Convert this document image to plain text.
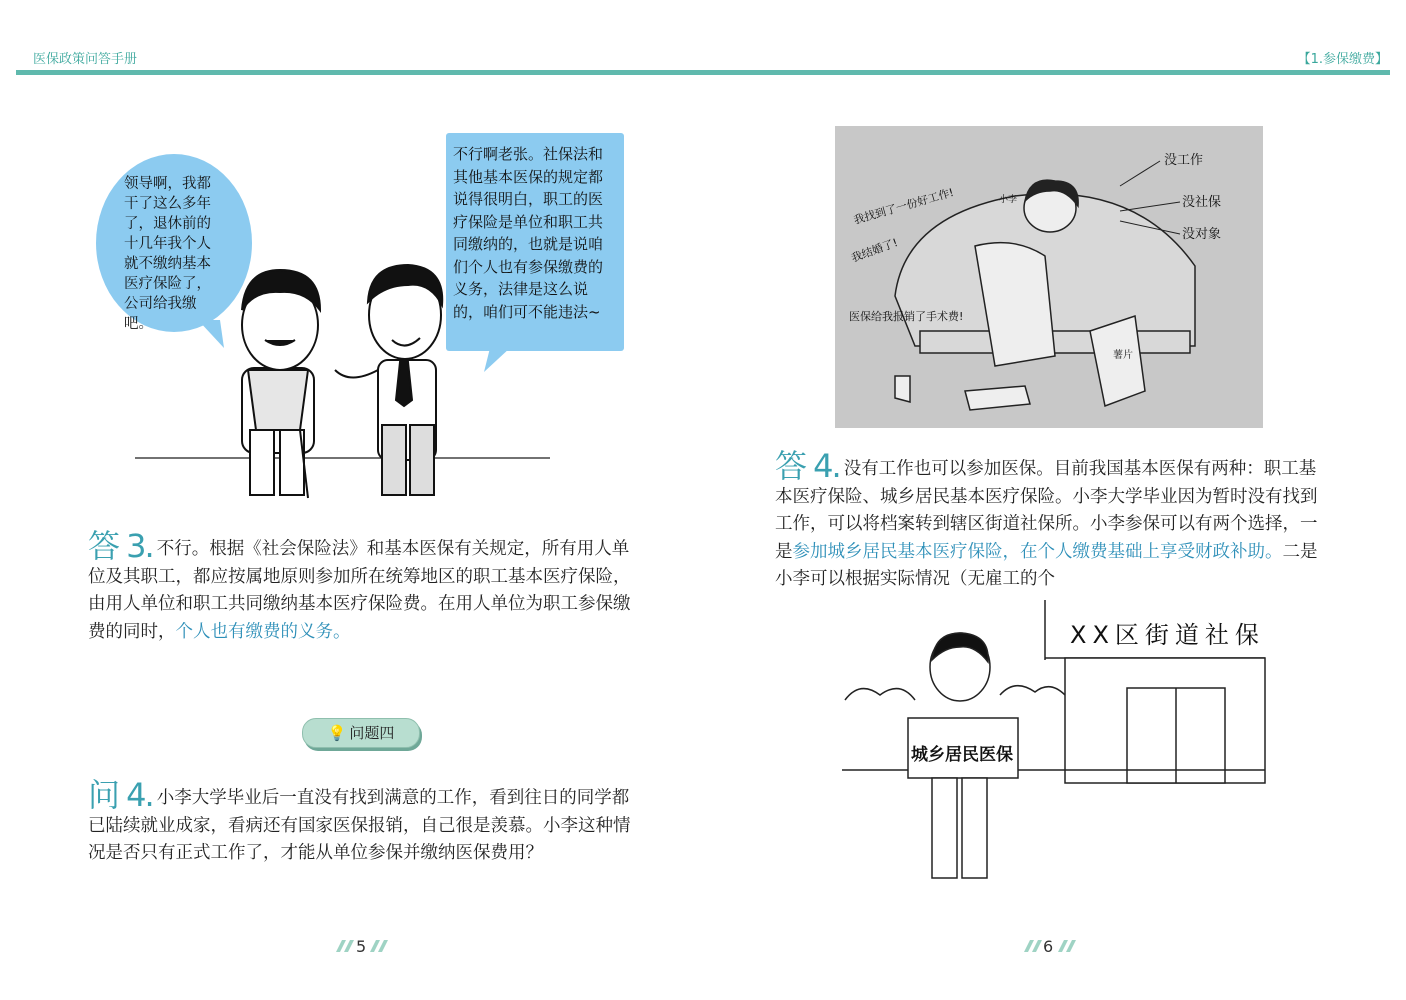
医保政策问答手册	【1.参保缴费】
领导啊，我都干了这么多年了，退休前的十几年我个人就不缴纳基本医疗保险了，公司给我缴吧。
不行啊老张。社保法和其他基本医保的规定都说得很明白，职工的医疗保险是单位和职工共同缴纳的，也就是说咱们个人也有参保缴费的义务，法律是这么说的，咱们可不能违法~
答 3. 不行。根据《社会保险法》和基本医保有关规定，所有用人单位及其职工，都应按属地原则参加所在统筹地区的职工基本医疗保险，由用人单位和职工共同缴纳基本医疗保险费。在用人单位为职工参保缴费的同时，个人也有缴费的义务。
💡 问题四
问 4. 小李大学毕业后一直没有找到满意的工作，看到往日的同学都已陆续就业成家，看病还有国家医保报销，自己很是羡慕。小李这种情况是否只有正式工作了，才能从单位参保并缴纳医保费用？
5
没工作
没社保
没对象
我找到了一份好工作!
我结婚了!
医保给我报销了手术费!
小李
薯片
答 4. 没有工作也可以参加医保。目前我国基本医保有两种：职工基本医疗保险、城乡居民基本医疗保险。小李大学毕业因为暂时没有找到工作，可以将档案转到辖区街道社保所。小李参保可以有两个选择，一是参加城乡居民基本医疗保险，在个人缴费基础上享受财政补助。二是小李可以根据实际情况（无雇工的个
XX区街道社保
城乡居民医保
6
